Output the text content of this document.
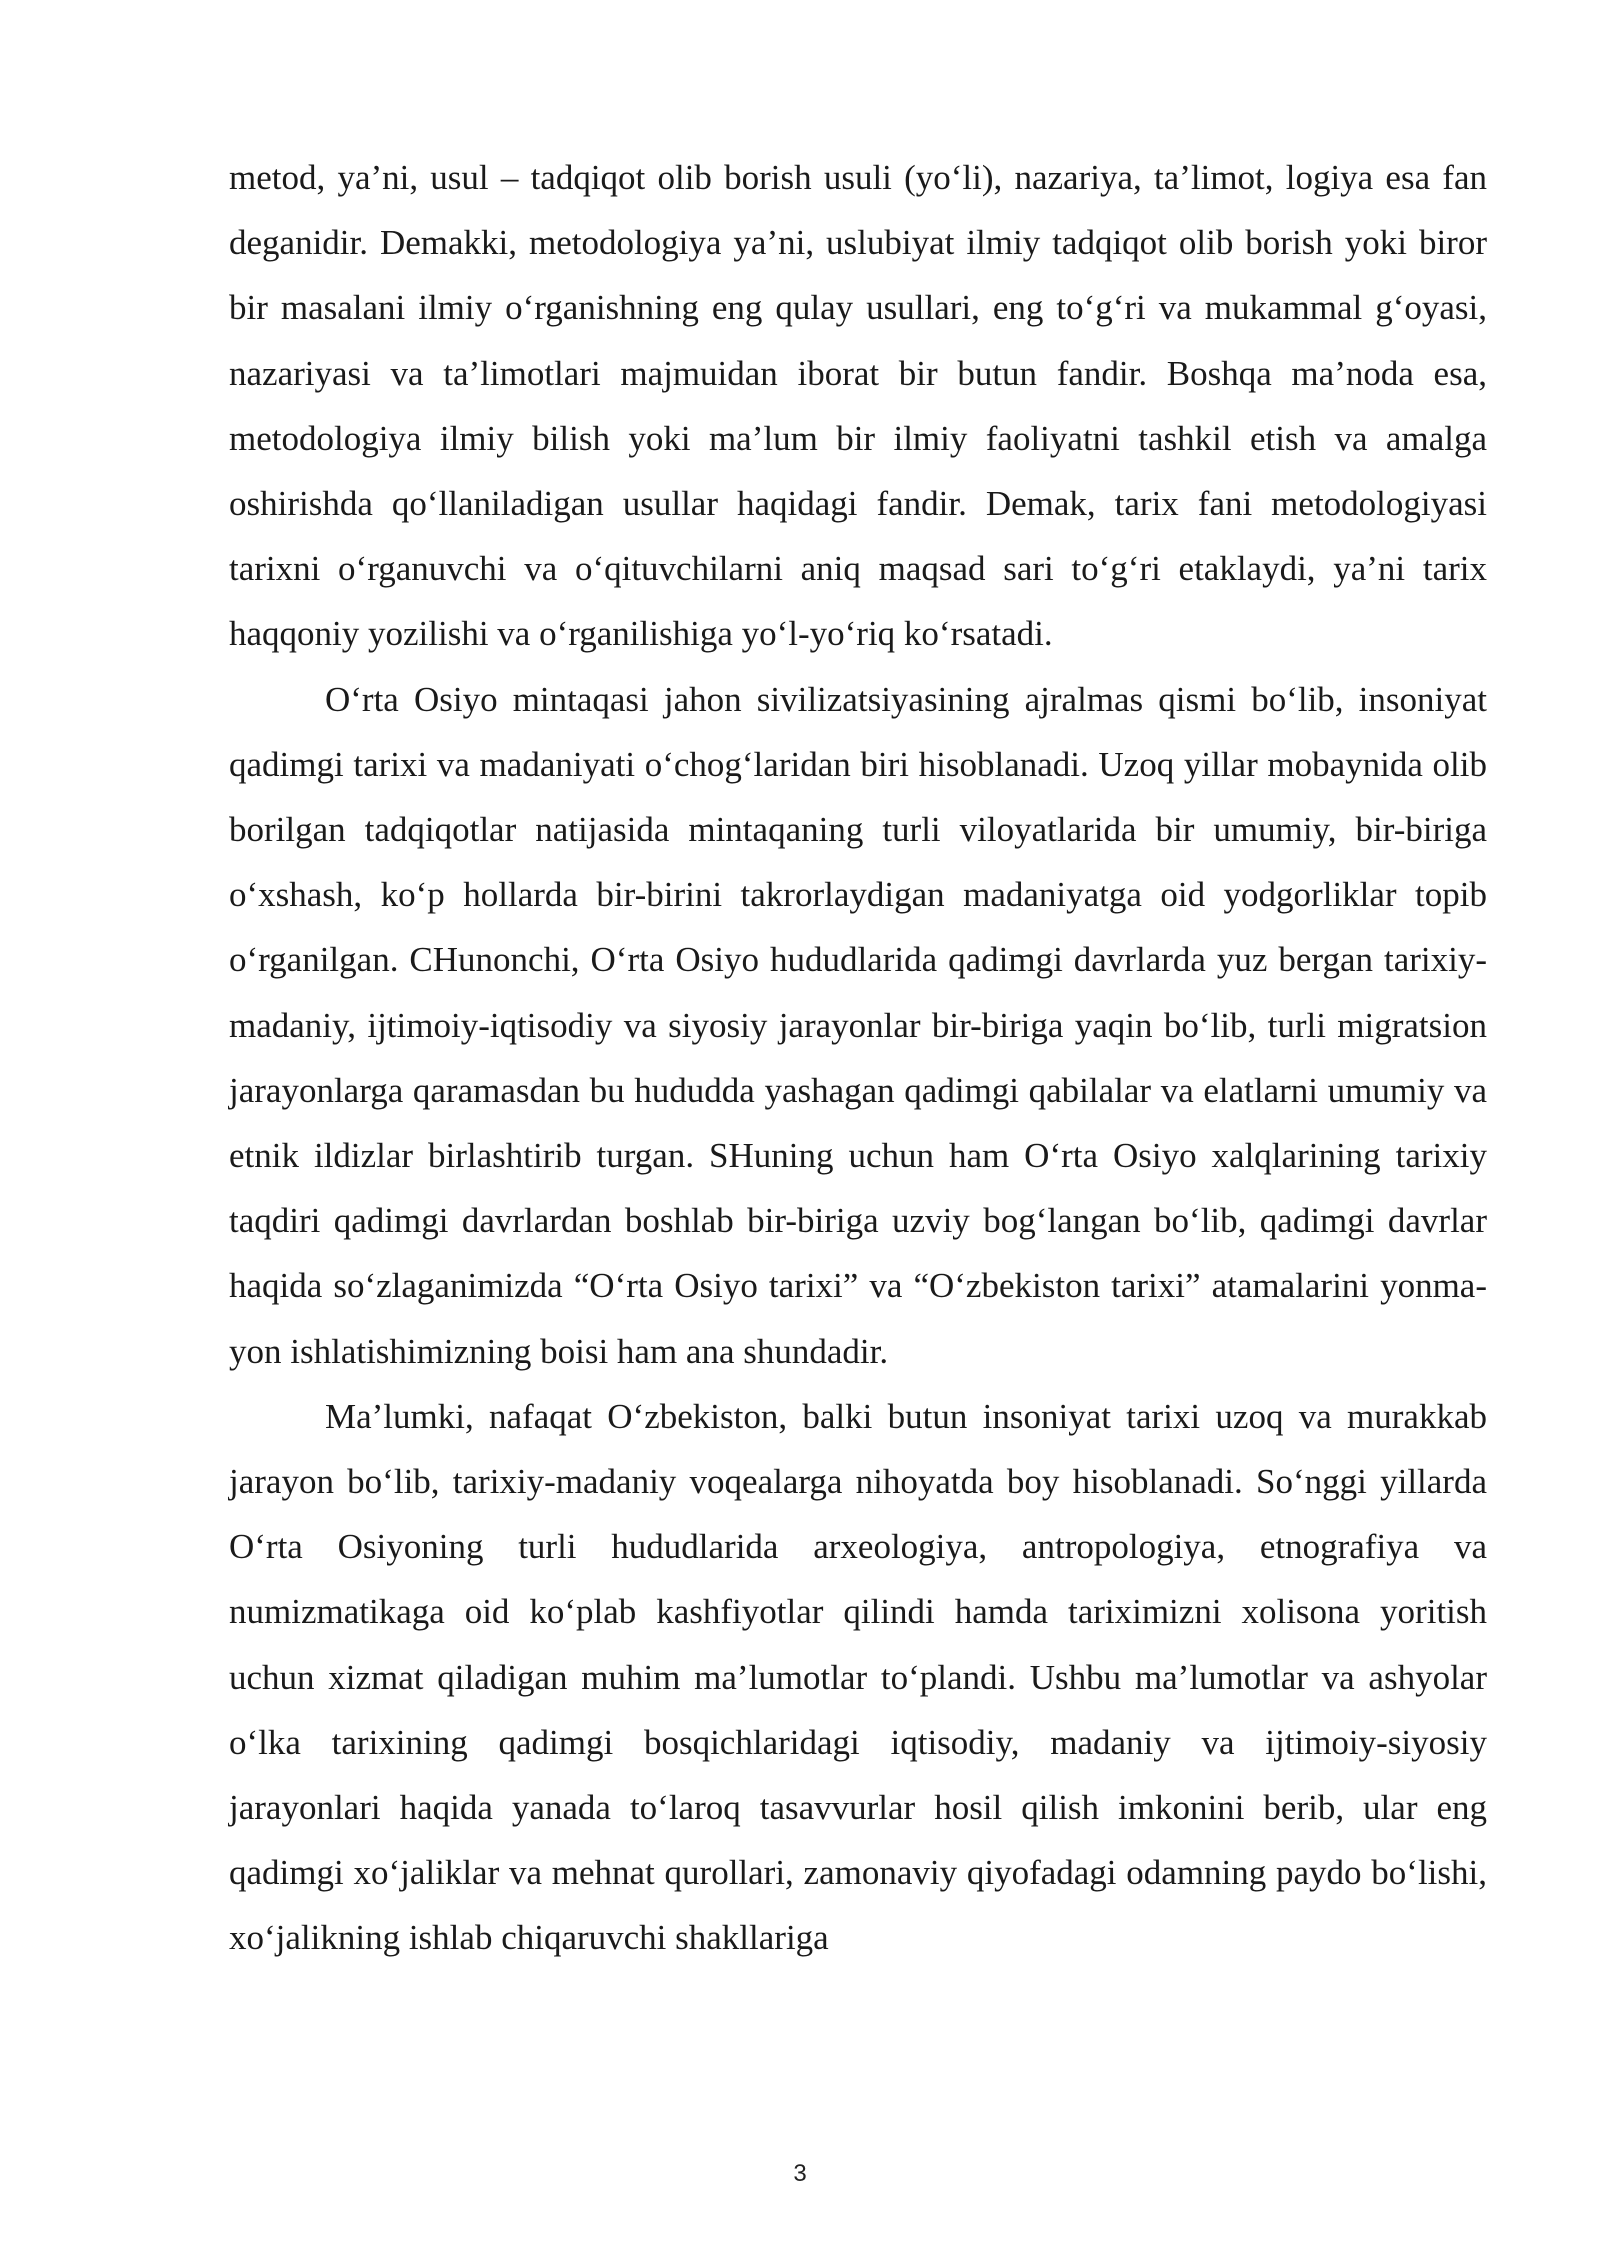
metod, ya’ni, usul – tadqiqot olib borish usuli (yo‘li), nazariya, ta’limot, logiya esa fan deganidir. Demakki, metodologiya ya’ni, uslubiyat ilmiy tadqiqot olib borish yoki biror bir masalani ilmiy o‘rganishning eng qulay usullari, eng to‘g‘ri va mukammal g‘oyasi, nazariyasi va ta’limotlari majmuidan iborat bir butun fandir. Boshqa ma’noda esa, metodologiya ilmiy bilish yoki ma’lum bir ilmiy faoliyatni tashkil etish va amalga oshirishda qo‘llaniladigan usullar haqidagi fandir. Demak, tarix fani metodologiyasi tarixni o‘rganuvchi va o‘qituvchilarni aniq maqsad sari to‘g‘ri etaklaydi, ya’ni tarix haqqoniy yozilishi va o‘rganilishiga yo‘l-yo‘riq ko‘rsatadi.

O‘rta Osiyo mintaqasi jahon sivilizatsiyasining ajralmas qismi bo‘lib, insoniyat qadimgi tarixi va madaniyati o‘chog‘laridan biri hisoblanadi. Uzoq yillar mobaynida olib borilgan tadqiqotlar natijasida mintaqaning turli viloyatlarida bir umumiy, bir-biriga o‘xshash, ko‘p hollarda bir-birini takrorlaydigan madaniyatga oid yodgorliklar topib o‘rganilgan. CHunonchi, O‘rta Osiyo hududlarida qadimgi davrlarda yuz bergan tarixiy-madaniy, ijtimoiy-iqtisodiy va siyosiy jarayonlar bir-biriga yaqin bo‘lib, turli migratsion jarayonlarga qaramasdan bu hududda yashagan qadimgi qabilalar va elatlarni umumiy va etnik ildizlar birlashtirib turgan. SHuning uchun ham O‘rta Osiyo xalqlarining tarixiy taqdiri qadimgi davrlardan boshlab bir-biriga uzviy bog‘langan bo‘lib, qadimgi davrlar haqida so‘zlaganimizda “O‘rta Osiyo tarixi” va “O‘zbekiston tarixi” atamalarini yonma-yon ishlatishimizning boisi ham ana shundadir.

Ma’lumki, nafaqat O‘zbekiston, balki butun insoniyat tarixi uzoq va murakkab jarayon bo‘lib, tarixiy-madaniy voqealarga nihoyatda boy hisoblanadi. So‘nggi yillarda O‘rta Osiyoning turli hududlarida arxeologiya, antropologiya, etnografiya va numizmatikaga oid ko‘plab kashfiyotlar qilindi hamda tariximizni xolisona yoritish uchun xizmat qiladigan muhim ma’lumotlar to‘plandi. Ushbu ma’lumotlar va ashyolar o‘lka tarixining qadimgi bosqichlaridagi iqtisodiy, madaniy va ijtimoiy-siyosiy jarayonlari haqida yanada to‘laroq tasavvurlar hosil qilish imkonini berib, ular eng qadimgi xo‘jaliklar va mehnat qurollari, zamonaviy qiyofadagi odamning paydo bo‘lishi, xo‘jalikning ishlab chiqaruvchi shakllariga

3
